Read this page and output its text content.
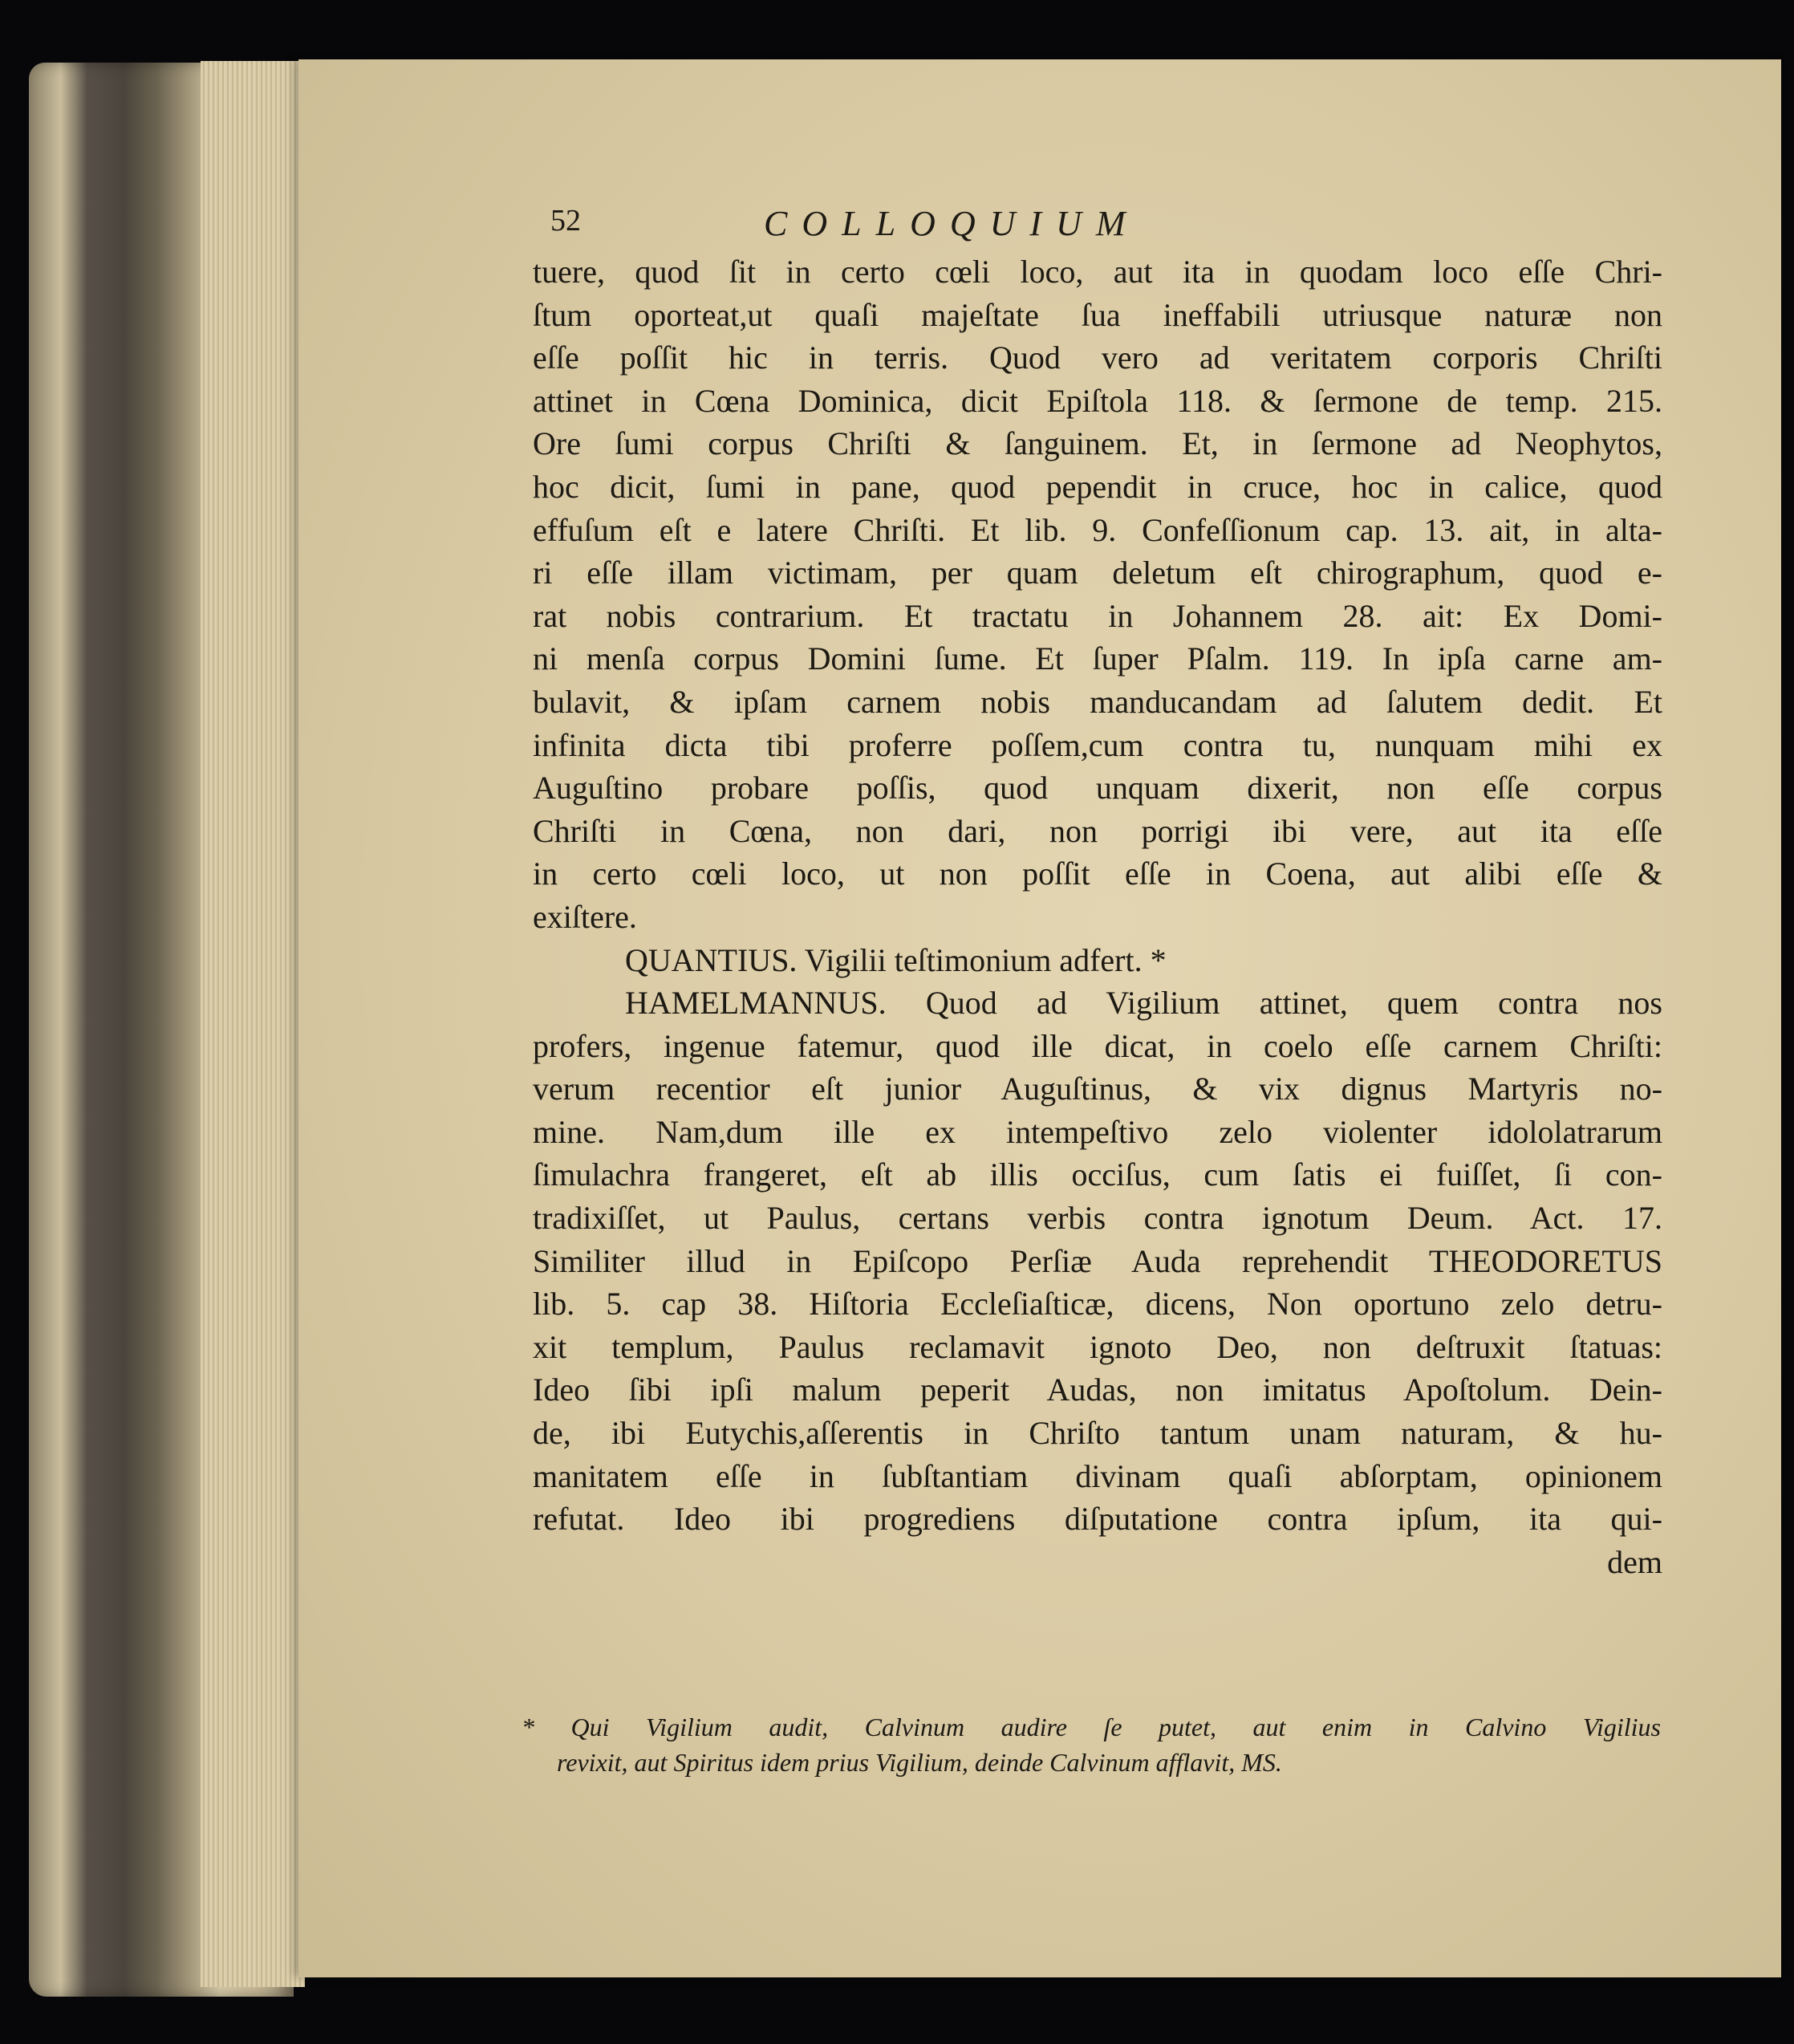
52	COLLOQUIUM
tuere, quod ſit in certo cœli loco, aut ita in quodam loco eſſe Chri-
ſtum oporteat,ut quaſi majeſtate ſua ineffabili utriusque naturæ non
eſſe poſſit hic in terris. Quod vero ad veritatem corporis Chriſti
attinet in Cœna Dominica, dicit Epiſtola 118. & ſermone de temp. 215.
Ore ſumi corpus Chriſti & ſanguinem. Et, in ſermone ad Neophytos,
hoc dicit, ſumi in pane, quod pependit in cruce, hoc in calice, quod
effuſum eſt e latere Chriſti. Et lib. 9. Confeſſionum cap. 13. ait, in alta-
ri eſſe illam victimam, per quam deletum eſt chirographum, quod e-
rat nobis contrarium. Et tractatu in Johannem 28. ait: Ex Domi-
ni menſa corpus Domini ſume. Et ſuper Pſalm. 119. In ipſa carne am-
bulavit, & ipſam carnem nobis manducandam ad ſalutem dedit. Et
infinita dicta tibi proferre poſſem,cum contra tu, nunquam mihi ex
Auguſtino probare poſſis, quod unquam dixerit, non eſſe corpus
Chriſti in Cœna, non dari, non porrigi ibi vere, aut ita eſſe
in certo cœli loco, ut non poſſit eſſe in Coena, aut alibi eſſe &
exiſtere.
QUANTIUS. Vigilii teſtimonium adfert. *
HAMELMANNUS. Quod ad Vigilium attinet, quem contra nos
profers, ingenue fatemur, quod ille dicat, in coelo eſſe carnem Chriſti:
verum recentior eſt junior Auguſtinus, & vix dignus Martyris no-
mine. Nam,dum ille ex intempeſtivo zelo violenter idololatrarum
ſimulachra frangeret, eſt ab illis occiſus, cum ſatis ei fuiſſet, ſi con-
tradixiſſet, ut Paulus, certans verbis contra ignotum Deum. Act. 17.
Similiter illud in Epiſcopo Perſiæ Auda reprehendit THEODORETUS
lib. 5. cap 38. Hiſtoria Eccleſiaſticæ, dicens, Non oportuno zelo detru-
xit templum, Paulus reclamavit ignoto Deo, non deſtruxit ſtatuas:
Ideo ſibi ipſi malum peperit Audas, non imitatus Apoſtolum. Dein-
de, ibi Eutychis,aſſerentis in Chriſto tantum unam naturam, & hu-
manitatem eſſe in ſubſtantiam divinam quaſi abſorptam, opinionem
refutat. Ideo ibi progrediens diſputatione contra ipſum, ita qui-
dem
* Qui Vigilium audit, Calvinum audire ſe putet, aut enim in Calvino Vigilius
revixit, aut Spiritus idem prius Vigilium, deinde Calvinum afflavit, MS.
